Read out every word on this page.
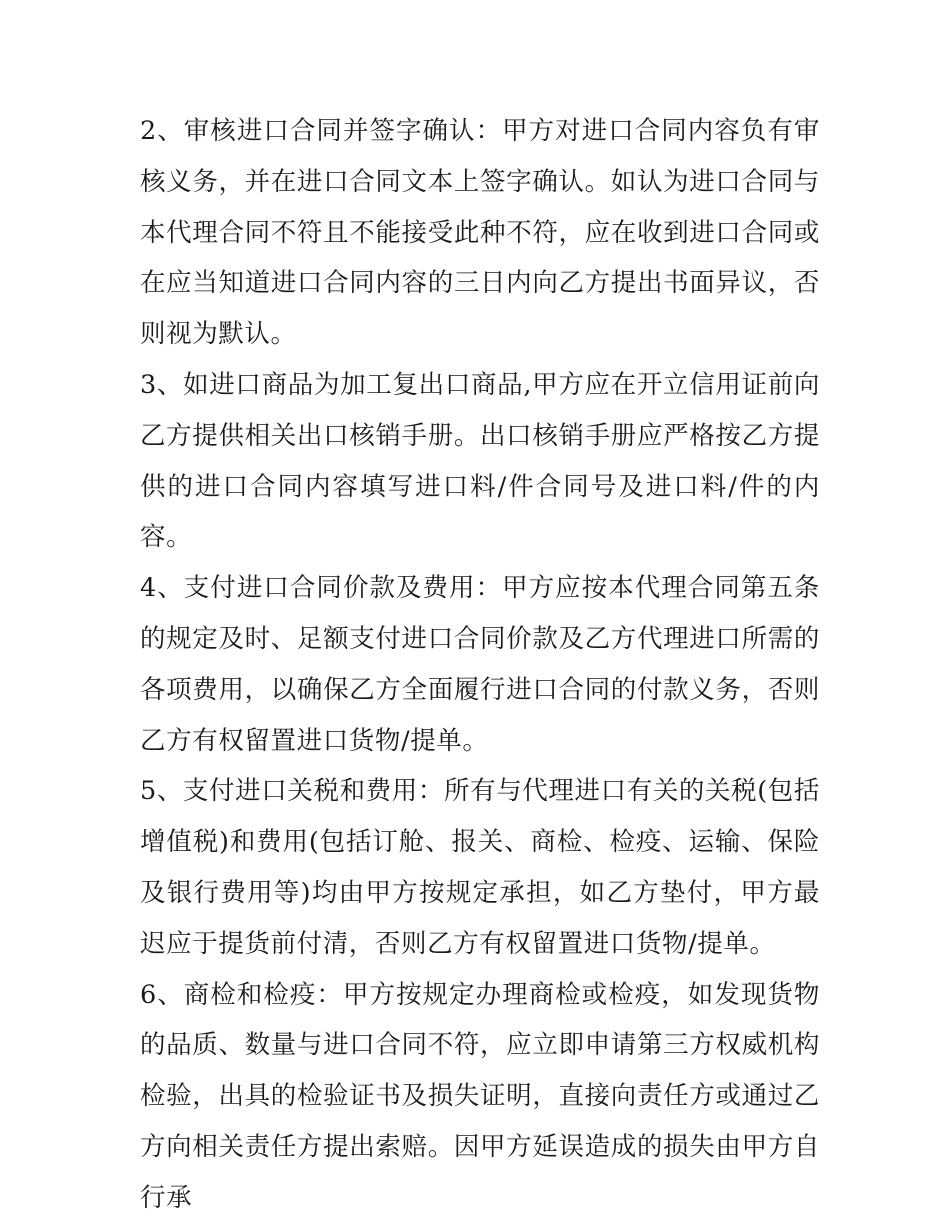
2、审核进口合同并签字确认：甲方对进口合同内容负有审核义务，并在进口合同文本上签字确认。如认为进口合同与本代理合同不符且不能接受此种不符，应在收到进口合同或在应当知道进口合同内容的三日内向乙方提出书面异议，否则视为默认。

3、如进口商品为加工复出口商品,甲方应在开立信用证前向乙方提供相关出口核销手册。出口核销手册应严格按乙方提供的进口合同内容填写进口料/件合同号及进口料/件的内容。

4、支付进口合同价款及费用：甲方应按本代理合同第五条的规定及时、足额支付进口合同价款及乙方代理进口所需的各项费用，以确保乙方全面履行进口合同的付款义务，否则乙方有权留置进口货物/提单。

5、支付进口关税和费用：所有与代理进口有关的关税(包括增值税)和费用(包括订舱、报关、商检、检疫、运输、保险及银行费用等)均由甲方按规定承担，如乙方垫付，甲方最迟应于提货前付清，否则乙方有权留置进口货物/提单。

6、商检和检疫：甲方按规定办理商检或检疫，如发现货物的品质、数量与进口合同不符，应立即申请第三方权威机构检验，出具的检验证书及损失证明，直接向责任方或通过乙方向相关责任方提出索赔。因甲方延误造成的损失由甲方自行承
